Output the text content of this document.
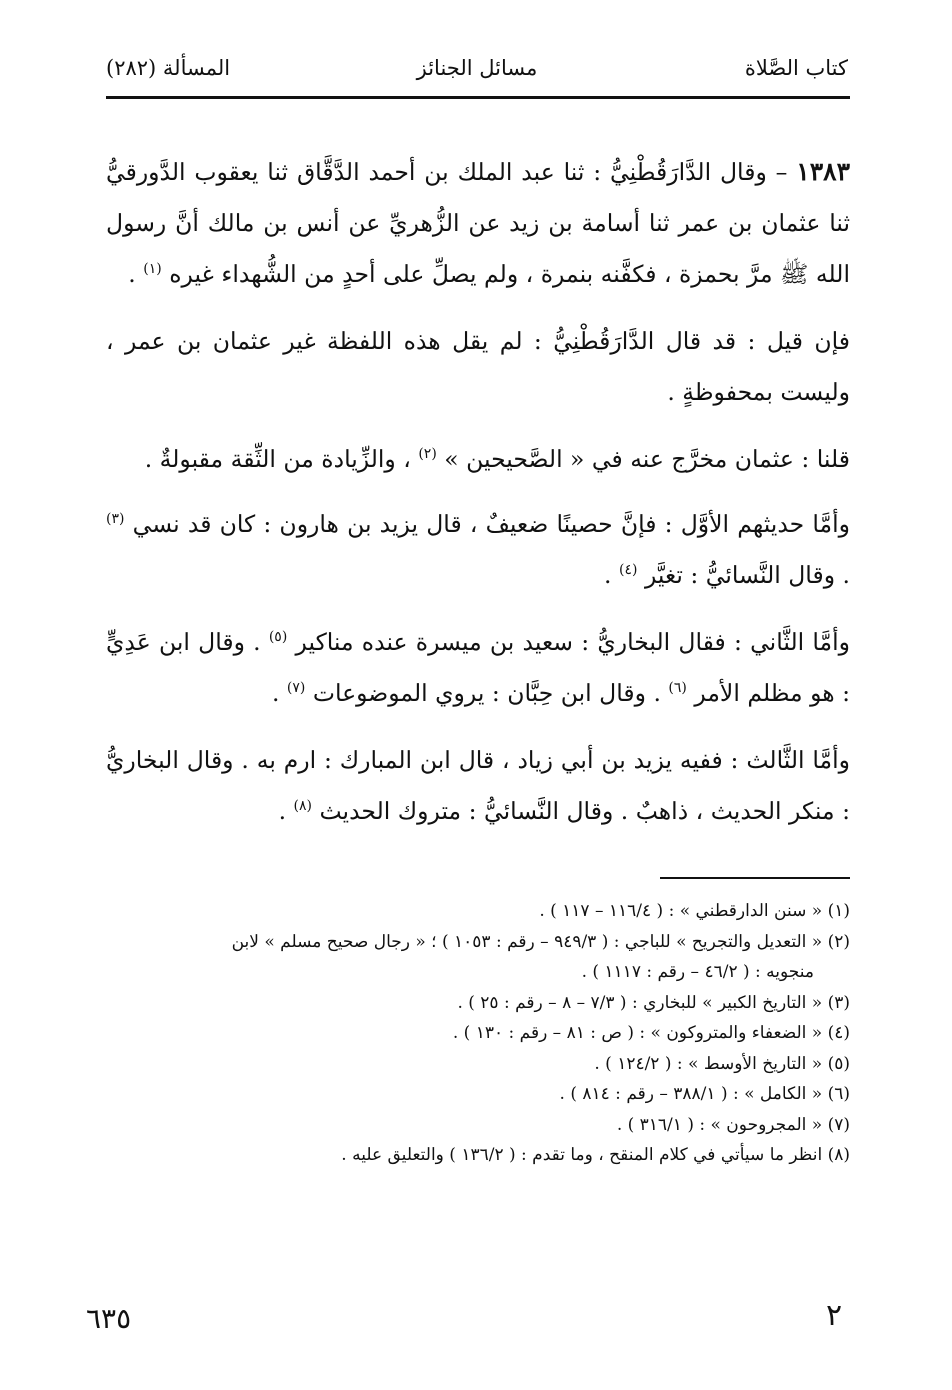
كتاب الصَّلاة
مسائل الجنائز
المسألة (٢٨٢)

١٣٨٣ – وقال الدَّارَقُطْنِيُّ : ثنا عبد الملك بن أحمد الدَّقَّاق ثنا يعقوب الدَّورقيُّ ثنا عثمان بن عمر ثنا أسامة بن زيد عن الزُّهريِّ عن أنس بن مالك أنَّ رسول الله ﷺ مرَّ بحمزة ، فكفَّنه بنمرة ، ولم يصلِّ على أحدٍ من الشُّهداء غيره $^{(١)}$ .

فإن قيل : قد قال الدَّارَقُطْنِيُّ : لم يقل هذه اللفظة غير عثمان بن عمر ، وليست بمحفوظةٍ .

قلنا : عثمان مخرَّج عنه في « الصَّحيحين » $^{(٢)}$ ، والزِّيادة من الثِّقة مقبولةٌ .

وأمَّا حديثهم الأوَّل : فإنَّ حصينًا ضعيفٌ ، قال يزيد بن هارون : كان قد نسي $^{(٣)}$ . وقال النَّسائيُّ : تغيَّر $^{(٤)}$ .

وأمَّا الثَّاني : فقال البخاريُّ : سعيد بن ميسرة عنده مناكير $^{(٥)}$ . وقال ابن عَدِيٍّ : هو مظلم الأمر $^{(٦)}$ . وقال ابن حِبَّان : يروي الموضوعات $^{(٧)}$ .

وأمَّا الثَّالث : ففيه يزيد بن أبي زياد ، قال ابن المبارك : ارم به . وقال البخاريُّ : منكر الحديث ، ذاهبٌ . وقال النَّسائيُّ : متروك الحديث $^{(٨)}$ .

(١) « سنن الدارقطني » : ( ١١٦/٤ – ١١٧ ) .
(٢) « التعديل والتجريح » للباجي : ( ٩٤٩/٣ – رقم : ١٠٥٣ ) ؛ « رجال صحيح مسلم » لابن
منجويه : ( ٤٦/٢ – رقم : ١١١٧ ) .
(٣) « التاريخ الكبير » للبخاري : ( ٧/٣ – ٨ – رقم : ٢٥ ) .
(٤) « الضعفاء والمتروكون » : ( ص : ٨١ – رقم : ١٣٠ ) .
(٥) « التاريخ الأوسط » : ( ١٢٤/٢ ) .
(٦) « الكامل » : ( ٣٨٨/١ – رقم : ٨١٤ ) .
(٧) « المجروحون » : ( ٣١٦/١ ) .
(٨) انظر ما سيأتي في كلام المنقح ، وما تقدم : ( ١٣٦/٢ ) والتعليق عليه .
٦٣٥	٢
